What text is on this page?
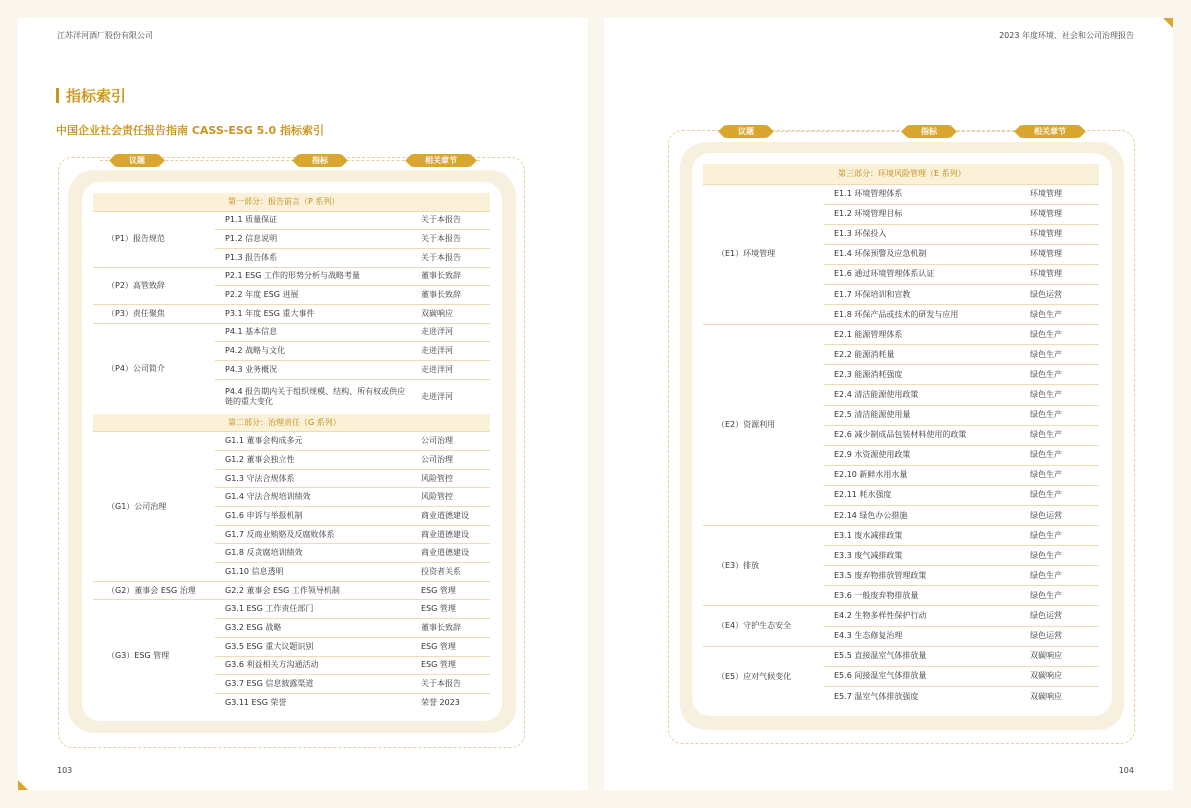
江苏洋河酒厂股份有限公司	2023 年度环境、社会和公司治理报告
指标索引
中国企业社会责任报告指南 CASS-ESG 5.0 指标索引
议题	指标	相关章节
第一部分：报告前言（P 系列）		
（P1）报告规范	P1.1 质量保证	关于本报告
	P1.2 信息说明	关于本报告
	P1.3 报告体系	关于本报告
（P2）高管致辞	P2.1 ESG 工作的形势分析与战略考量	董事长致辞
	P2.2 年度 ESG 进展	董事长致辞
（P3）责任聚焦	P3.1 年度 ESG 重大事件	双碳响应
（P4）公司简介	P4.1 基本信息	走进洋河
	P4.2 战略与文化	走进洋河
	P4.3 业务概况	走进洋河
	P4.4 报告期内关于组织规模、结构、所有权或供应链的重大变化	走进洋河
第二部分：治理责任（G 系列）		
（G1）公司治理	G1.1 董事会构成多元	公司治理
	G1.2 董事会独立性	公司治理
	G1.3 守法合规体系	风险管控
	G1.4 守法合规培训绩效	风险管控
	G1.6 申诉与举报机制	商业道德建设
	G1.7 反商业贿赂及反腐败体系	商业道德建设
	G1.8 反贪腐培训绩效	商业道德建设
	G1.10 信息透明	投资者关系
（G2）董事会 ESG 治理	G2.2 董事会 ESG 工作领导机制	ESG 管理
（G3）ESG 管理	G3.1 ESG 工作责任部门	ESG 管理
	G3.2 ESG 战略	董事长致辞
	G3.5 ESG 重大议题识别	ESG 管理
	G3.6 利益相关方沟通活动	ESG 管理
	G3.7 ESG 信息披露渠道	关于本报告
	G3.11 ESG 荣誉	荣誉 2023
议题	指标	相关章节
第三部分：环境风险管理（E 系列）		
（E1）环境管理	E1.1 环境管理体系	环境管理
	E1.2 环境管理目标	环境管理
	E1.3 环保投入	环境管理
	E1.4 环保预警及应急机制	环境管理
	E1.6 通过环境管理体系认证	环境管理
	E1.7 环保培训和宣教	绿色运营
	E1.8 环保产品或技术的研发与应用	绿色生产
（E2）资源利用	E2.1 能源管理体系	绿色生产
	E2.2 能源消耗量	绿色生产
	E2.3 能源消耗强度	绿色生产
	E2.4 清洁能源使用政策	绿色生产
	E2.5 清洁能源使用量	绿色生产
	E2.6 减少制成品包装材料使用的政策	绿色生产
	E2.9 水资源使用政策	绿色生产
	E2.10 新鲜水用水量	绿色生产
	E2.11 耗水强度	绿色生产
	E2.14 绿色办公措施	绿色运营
（E3）排放	E3.1 废水减排政策	绿色生产
	E3.3 废气减排政策	绿色生产
	E3.5 废弃物排放管理政策	绿色生产
	E3.6 一般废弃物排放量	绿色生产
（E4）守护生态安全	E4.2 生物多样性保护行动	绿色运营
	E4.3 生态修复治理	绿色运营
（E5）应对气候变化	E5.5 直接温室气体排放量	双碳响应
	E5.6 间接温室气体排放量	双碳响应
	E5.7 温室气体排放强度	双碳响应
103	104
